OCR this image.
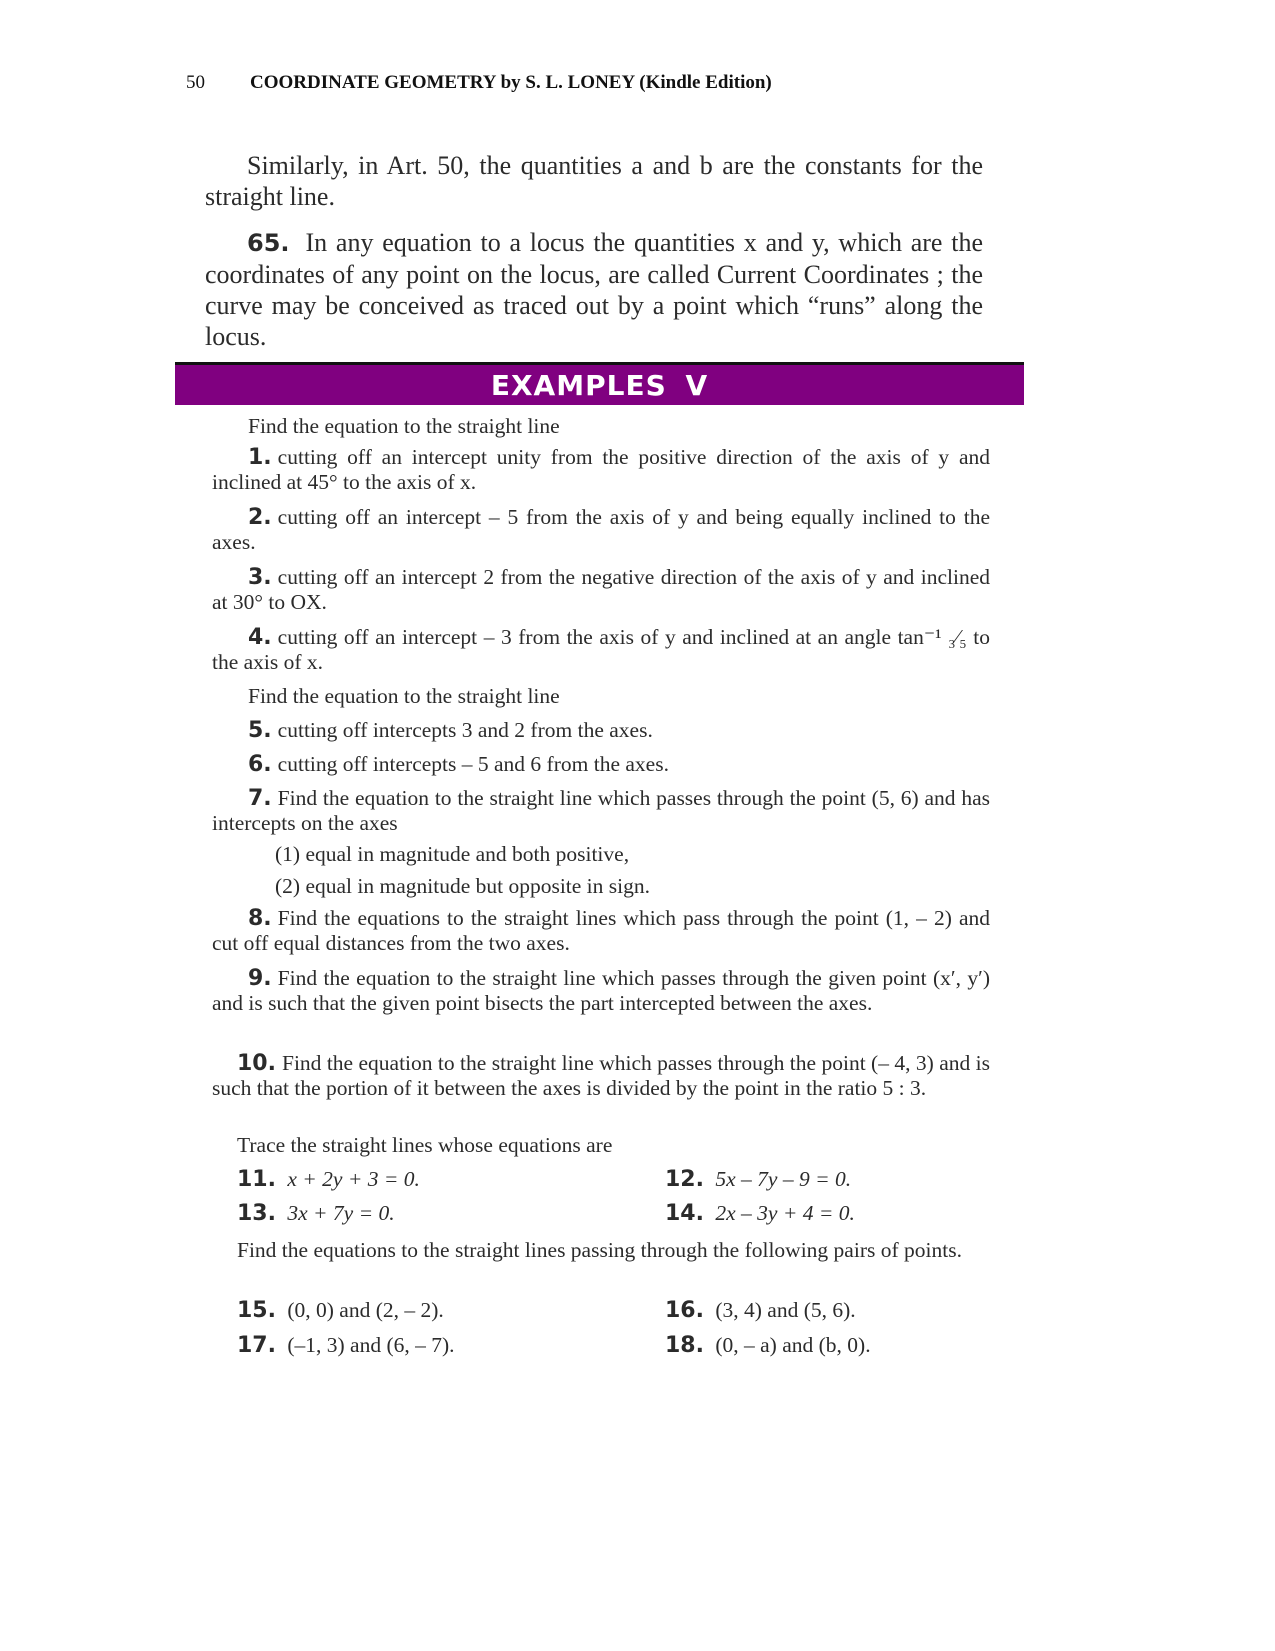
50 COORDINATE GEOMETRY by S. L. LONEY (Kindle Edition)
Similarly, in Art. 50, the quantities a and b are the constants for the straight line.
65. In any equation to a locus the quantities x and y, which are the coordinates of any point on the locus, are called Current Coordinates ; the curve may be conceived as traced out by a point which “runs” along the locus.
EXAMPLES V
Find the equation to the straight line
1. cutting off an intercept unity from the positive direction of the axis of y and inclined at 45° to the axis of x.
2. cutting off an intercept – 5 from the axis of y and being equally inclined to the axes.
3. cutting off an intercept 2 from the negative direction of the axis of y and inclined at 30° to OX.
4. cutting off an intercept – 3 from the axis of y and inclined at an angle tan⁻¹ ₃⁄₅ to the axis of x.
Find the equation to the straight line
5. cutting off intercepts 3 and 2 from the axes.
6. cutting off intercepts – 5 and 6 from the axes.
7. Find the equation to the straight line which passes through the point (5, 6) and has intercepts on the axes
(1) equal in magnitude and both positive,
(2) equal in magnitude but opposite in sign.
8. Find the equations to the straight lines which pass through the point (1, – 2) and cut off equal distances from the two axes.
9. Find the equation to the straight line which passes through the given point (x′, y′) and is such that the given point bisects the part intercepted between the axes.
10. Find the equation to the straight line which passes through the point (– 4, 3) and is such that the portion of it between the axes is divided by the point in the ratio 5 : 3.
Trace the straight lines whose equations are
11. x + 2y + 3 = 0.	12. 5x – 7y – 9 = 0.
13. 3x + 7y = 0.	14. 2x – 3y + 4 = 0.
Find the equations to the straight lines passing through the following pairs of points.
15. (0, 0) and (2, – 2).	16. (3, 4) and (5, 6).
17. (–1, 3) and (6, – 7).	18. (0, – a) and (b, 0).
